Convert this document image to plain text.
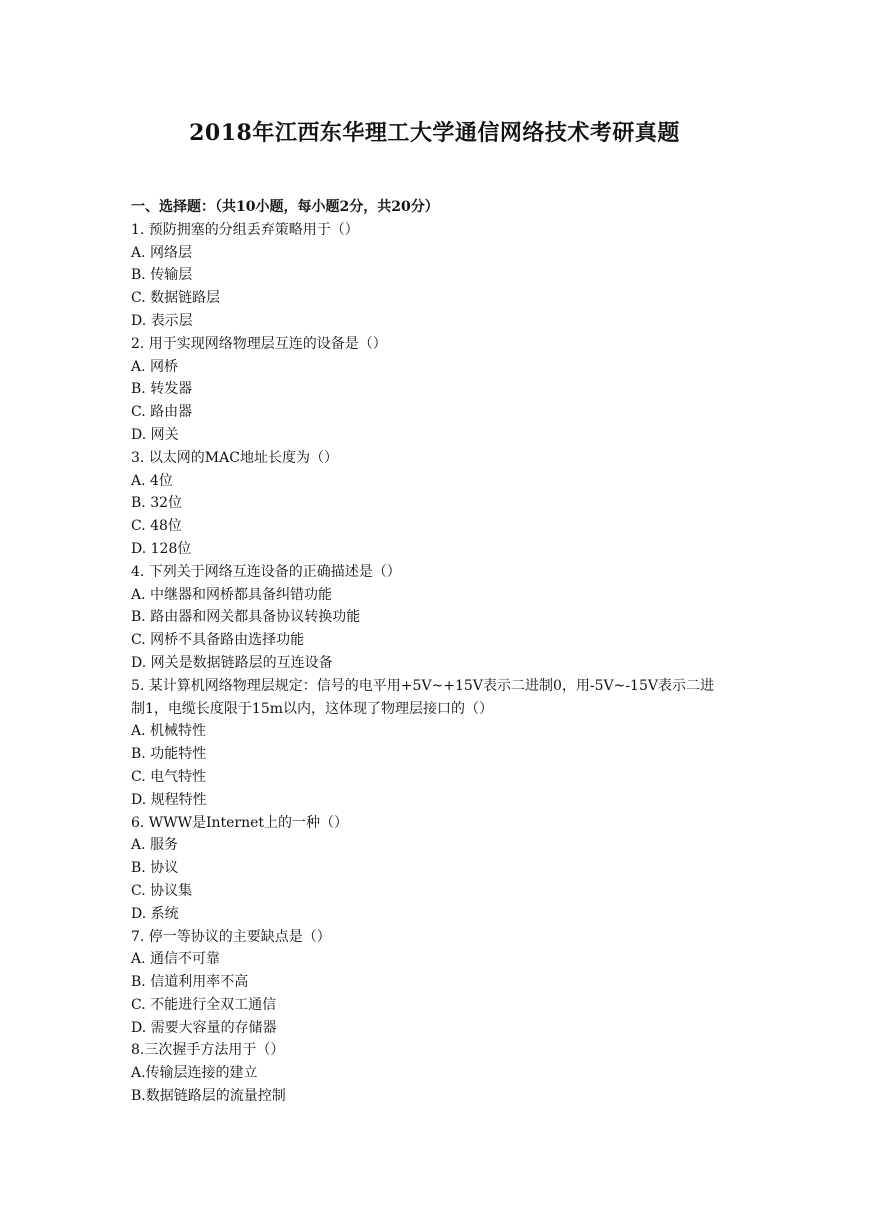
2018年江西东华理工大学通信网络技术考研真题
一、选择题：（共10小题，每小题2分，共20分）
1. 预防拥塞的分组丢弃策略用于（）
A. 网络层
B. 传输层
C. 数据链路层
D. 表示层
2. 用于实现网络物理层互连的设备是（）
A. 网桥
B. 转发器
C. 路由器
D. 网关
3. 以太网的MAC地址长度为（）
A. 4位
B. 32位
C. 48位
D. 128位
4. 下列关于网络互连设备的正确描述是（）
A. 中继器和网桥都具备纠错功能
B. 路由器和网关都具备协议转换功能
C. 网桥不具备路由选择功能
D. 网关是数据链路层的互连设备
5. 某计算机网络物理层规定：信号的电平用+5V~+15V表示二进制0，用-5V~-15V表示二进
制1，电缆长度限于15m以内，这体现了物理层接口的（）
A. 机械特性
B. 功能特性
C. 电气特性
D. 规程特性
6. WWW是Internet上的一种（）
A. 服务
B. 协议
C. 协议集
D. 系统
7. 停一等协议的主要缺点是（）
A. 通信不可靠
B. 信道利用率不高
C. 不能进行全双工通信
D. 需要大容量的存储器
8.三次握手方法用于（）
A.传输层连接的建立
B.数据链路层的流量控制
